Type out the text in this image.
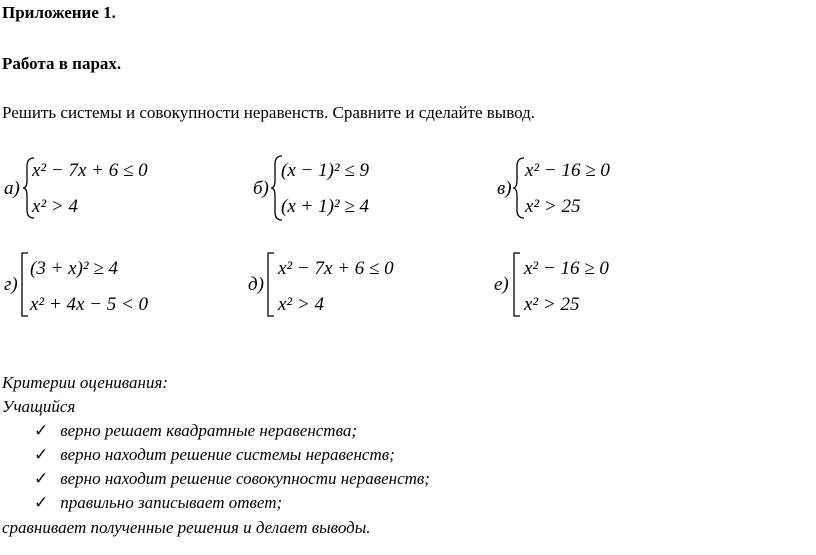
Приложение 1.
Работа в парах.
Решить системы и совокупности неравенств. Сравните и сделайте вывод.
а)
x² − 7x + 6 ≤ 0
x² > 4
б)
(x − 1)² ≤ 9
(x + 1)² ≥ 4
в)
x² − 16 ≥ 0
x² > 25
г)
(3 + x)² ≥ 4
x² + 4x − 5 < 0
д)
x² − 7x + 6 ≤ 0
x² > 4
е)
x² − 16 ≥ 0
x² > 25
Критерии оценивания:
Учащийся
✓ верно решает квадратные неравенства;
✓ верно находит решение системы неравенств;
✓ верно находит решение совокупности неравенств;
✓ правильно записывает ответ;
сравнивает полученные решения и делает выводы.
